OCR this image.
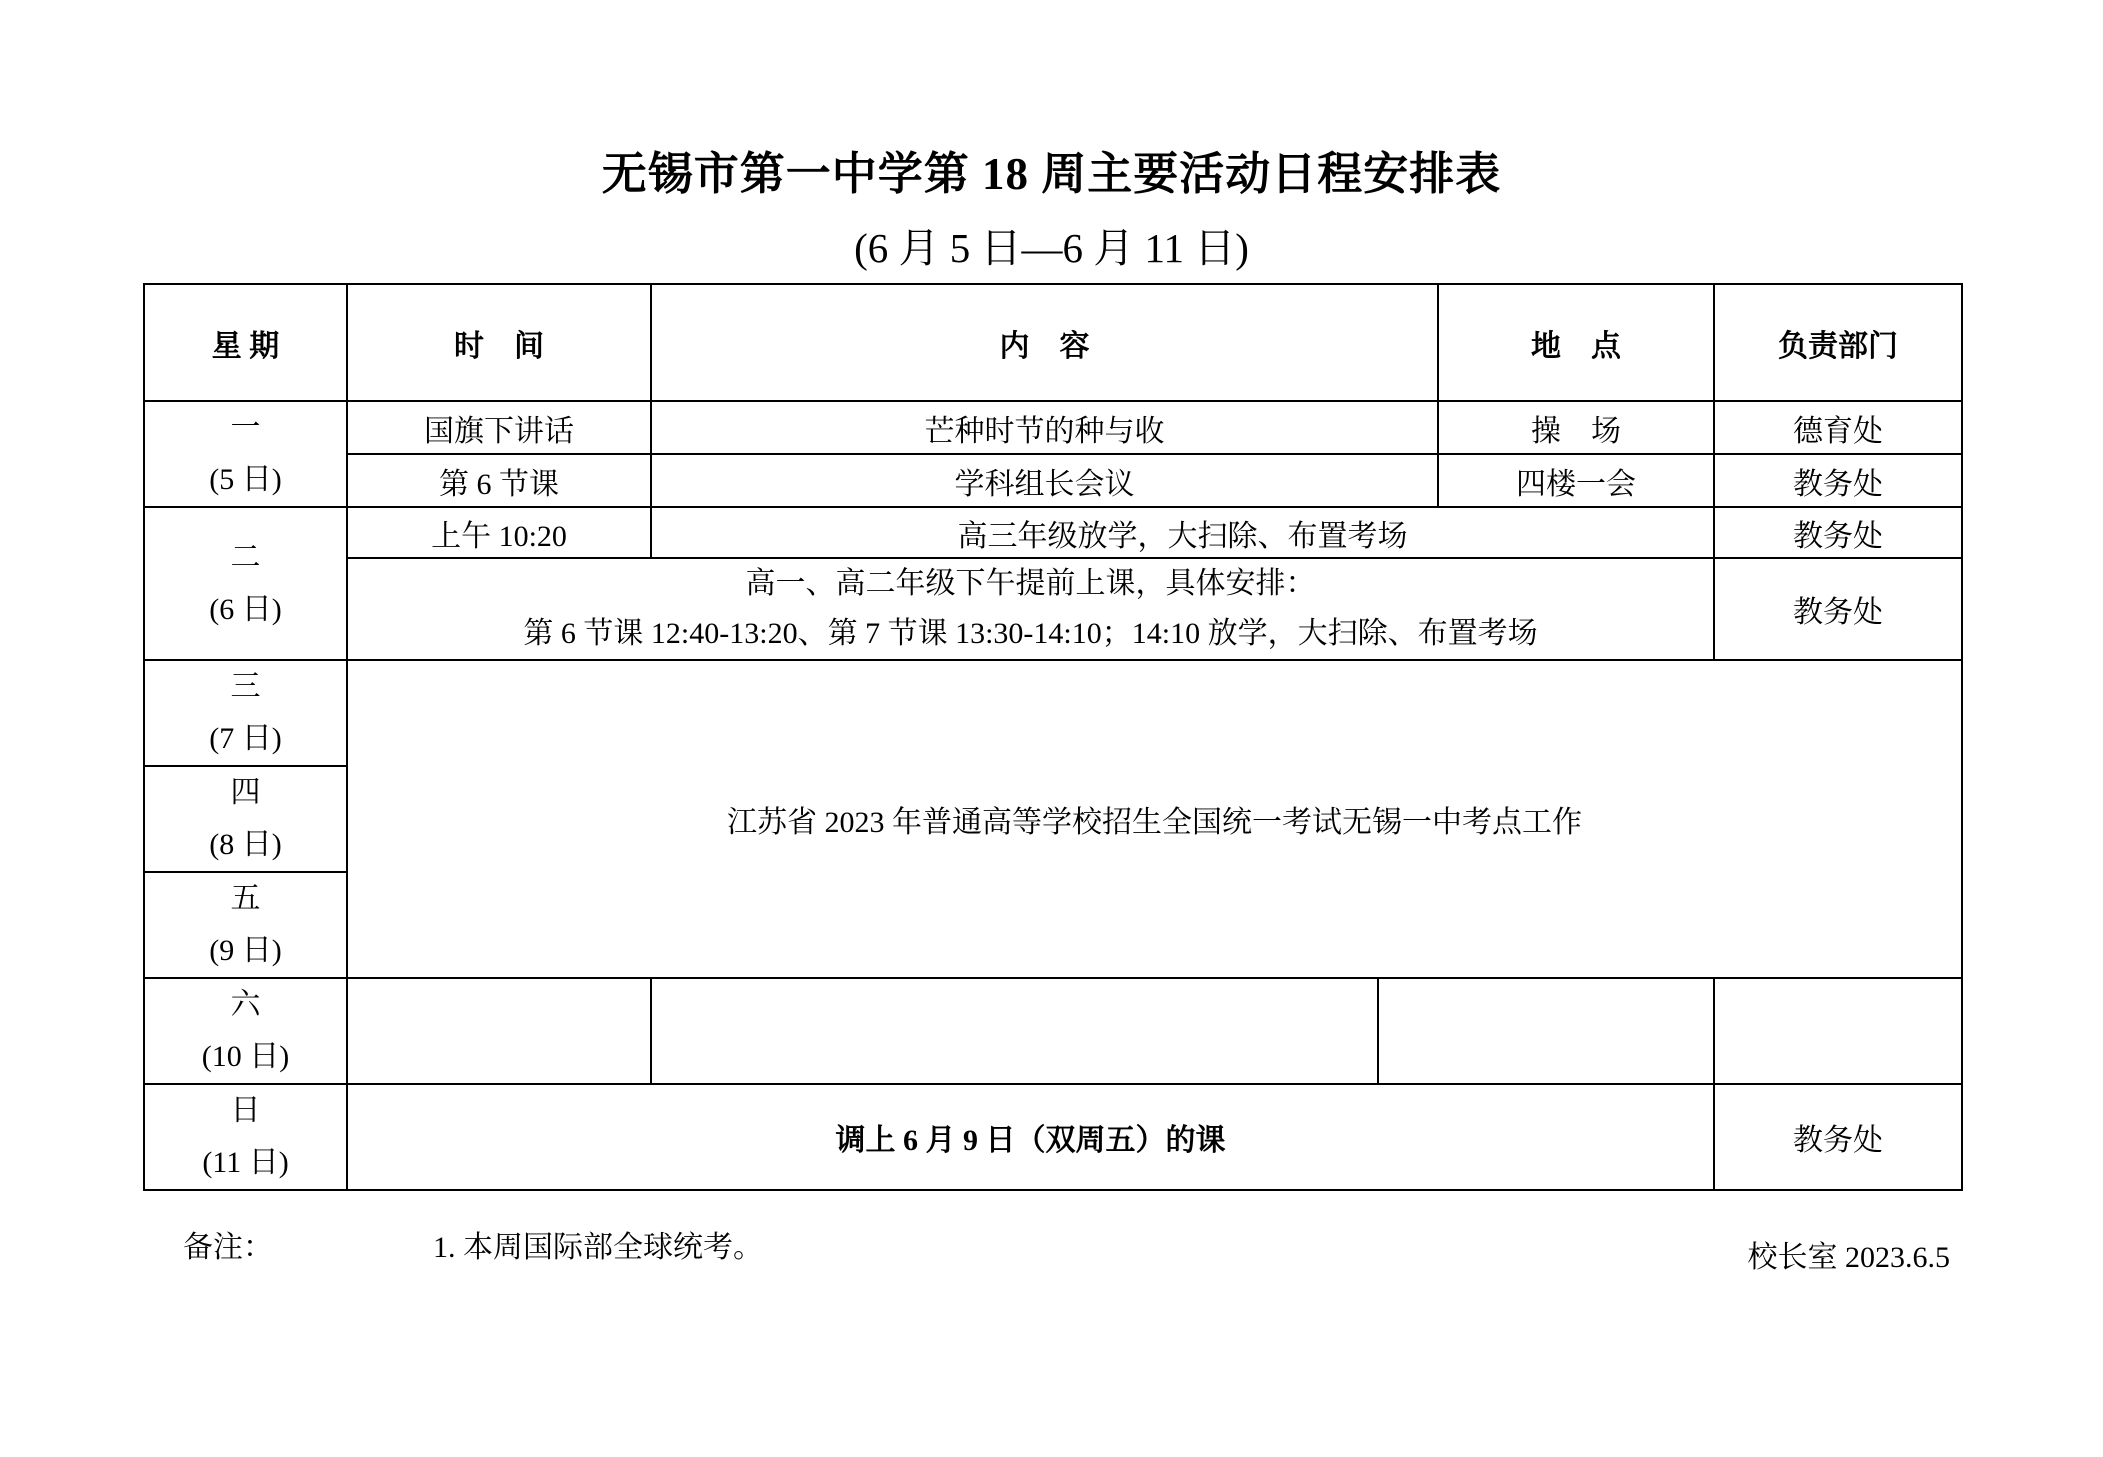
无锡市第一中学第 18 周主要活动日程安排表
(6 月 5 日—6 月 11 日)
星 期	时　间	内　容		地　点	负责部门

一
(5 日)	国旗下讲话	芒种时节的种与收		操　场	德育处
	第 6 节课	学科组长会议		四楼一会	教务处

二
(6 日)	上午 10:20	高三年级放学，大扫除、布置考场			教务处

	高一、高二年级下午提前上课，具体安排：
第 6 节课 12:40-13:20、第 7 节课 13:30-14:10；14:10 放学，大扫除、布置考场				教务处

三
(7 日)	江苏省 2023 年普通高等学校招生全国统一考试无锡一中考点工作				

四
(8 日)					

五
(9 日)					

六
(10 日)					

日
(11 日)	调上 6 月 9 日（双周五）的课				教务处

备注：	1. 本周国际部全球统考。
	校长室 2023.6.5
